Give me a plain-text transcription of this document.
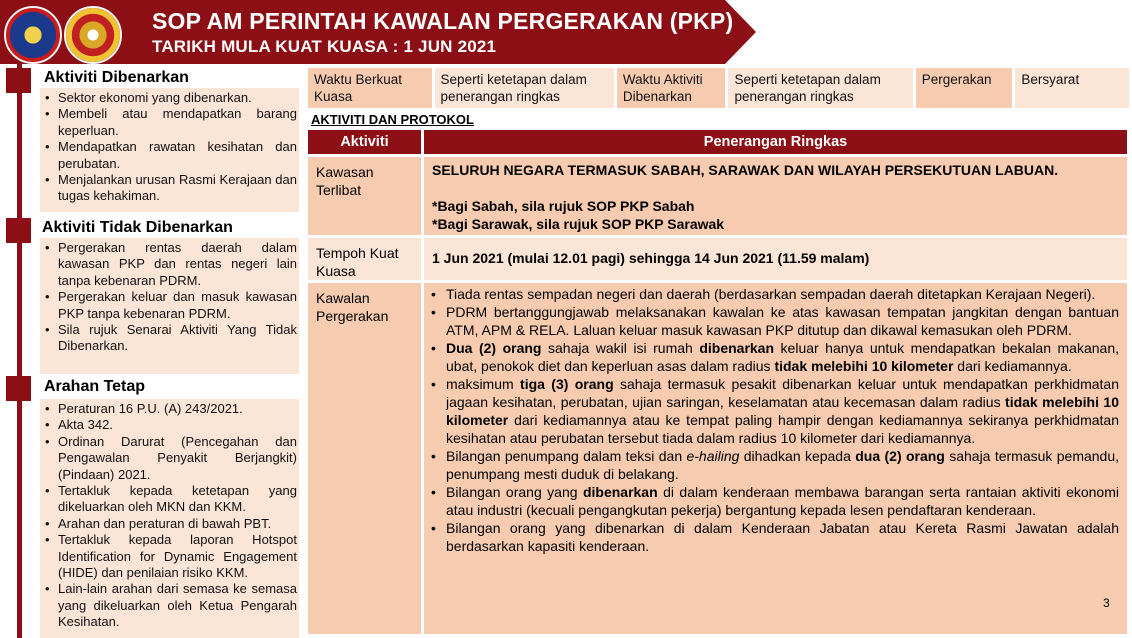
SOP AM PERINTAH KAWALAN PERGERAKAN (PKP)
TARIKH MULA KUAT KUASA : 1 JUN 2021
Aktiviti Dibenarkan
• Sektor ekonomi yang dibenarkan.
• Membeli atau mendapatkan barang keperluan.
• Mendapatkan rawatan kesihatan dan perubatan.
• Menjalankan urusan Rasmi Kerajaan dan tugas kehakiman.
Aktiviti Tidak Dibenarkan
• Pergerakan rentas daerah dalam kawasan PKP dan rentas negeri lain tanpa kebenaran PDRM.
• Pergerakan keluar dan masuk kawasan PKP tanpa kebenaran PDRM.
• Sila rujuk Senarai Aktiviti Yang Tidak Dibenarkan.
Arahan Tetap
• Peraturan 16 P.U. (A) 243/2021.
• Akta 342.
• Ordinan Darurat (Pencegahan dan Pengawalan Penyakit Berjangkit) (Pindaan) 2021.
• Tertakluk kepada ketetapan yang dikeluarkan oleh MKN dan KKM.
• Arahan dan peraturan di bawah PBT.
• Tertakluk kepada laporan Hotspot Identification for Dynamic Engagement (HIDE) dan penilaian risiko KKM.
• Lain-lain arahan dari semasa ke semasa yang dikeluarkan oleh Ketua Pengarah Kesihatan.
Waktu Berkuat Kuasa
Seperti ketetapan dalam penerangan ringkas
Waktu Aktiviti Dibenarkan
Seperti ketetapan dalam penerangan ringkas
Pergerakan	Bersyarat
AKTIVITI DAN PROTOKOL
Aktiviti	Penerangan Ringkas
Kawasan Terlibat
SELURUH NEGARA TERMASUK SABAH, SARAWAK DAN WILAYAH PERSEKUTUAN LABUAN.
*Bagi Sabah, sila rujuk SOP PKP Sabah
*Bagi Sarawak, sila rujuk SOP PKP Sarawak
Tempoh Kuat Kuasa
1 Jun 2021 (mulai 12.01 pagi) sehingga 14 Jun 2021 (11.59 malam)
Kawalan Pergerakan
• Tiada rentas sempadan negeri dan daerah (berdasarkan sempadan daerah ditetapkan Kerajaan Negeri).
• PDRM bertanggungjawab melaksanakan kawalan ke atas kawasan tempatan jangkitan dengan bantuan ATM, APM & RELA. Laluan keluar masuk kawasan PKP ditutup dan dikawal kemasukan oleh PDRM.
• Dua (2) orang sahaja wakil isi rumah dibenarkan keluar hanya untuk mendapatkan bekalan makanan, ubat, penokok diet dan keperluan asas dalam radius tidak melebihi 10 kilometer dari kediamannya.
• maksimum tiga (3) orang sahaja termasuk pesakit dibenarkan keluar untuk mendapatkan perkhidmatan jagaan kesihatan, perubatan, ujian saringan, keselamatan atau kecemasan dalam radius tidak melebihi 10 kilometer dari kediamannya atau ke tempat paling hampir dengan kediamannya sekiranya perkhidmatan kesihatan atau perubatan tersebut tiada dalam radius 10 kilometer dari kediamannya.
• Bilangan penumpang dalam teksi dan e-hailing dihadkan kepada dua (2) orang sahaja termasuk pemandu, penumpang mesti duduk di belakang.
• Bilangan orang yang dibenarkan di dalam kenderaan membawa barangan serta rantaian aktiviti ekonomi atau industri (kecuali pengangkutan pekerja) bergantung kepada lesen pendaftaran kenderaan.
• Bilangan orang yang dibenarkan di dalam Kenderaan Jabatan atau Kereta Rasmi Jawatan adalah berdasarkan kapasiti kenderaan.
3
